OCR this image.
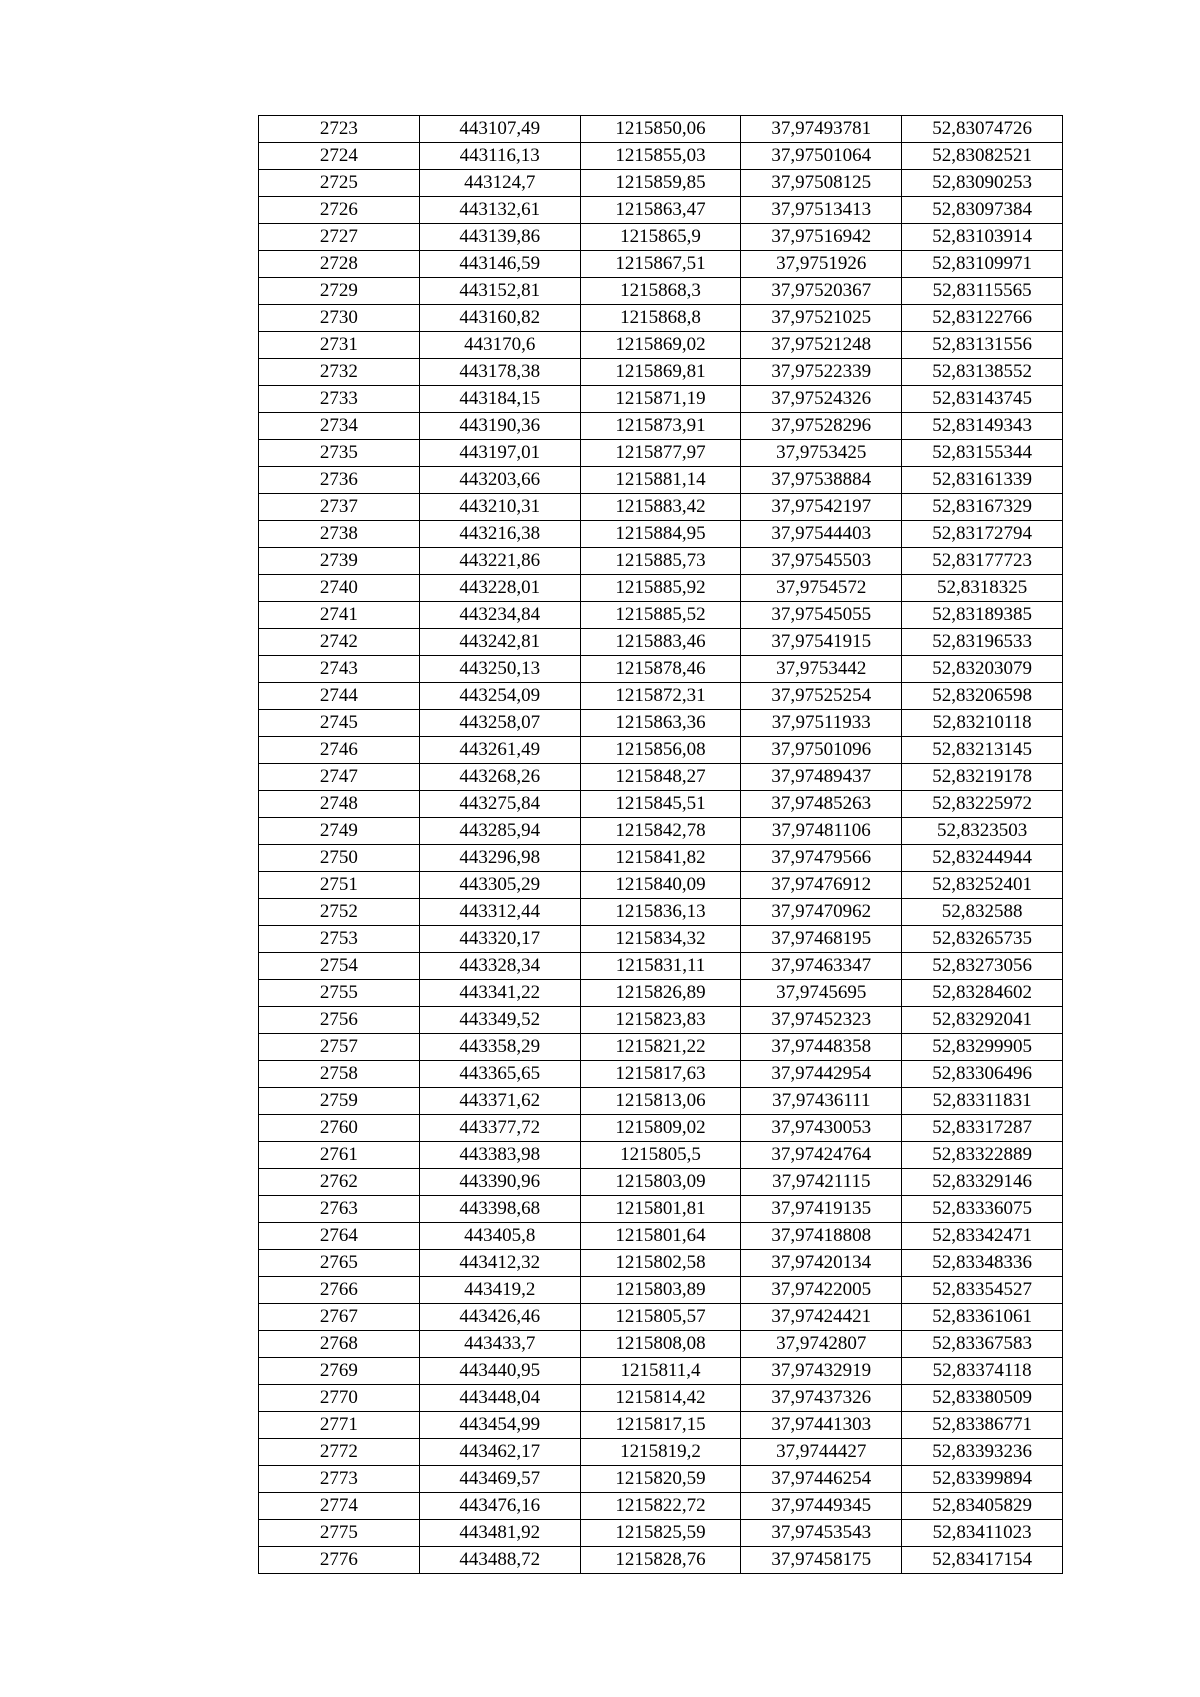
2723	443107,49	1215850,06	37,97493781	52,83074726
2724	443116,13	1215855,03	37,97501064	52,83082521
2725	443124,7	1215859,85	37,97508125	52,83090253
2726	443132,61	1215863,47	37,97513413	52,83097384
2727	443139,86	1215865,9	37,97516942	52,83103914
2728	443146,59	1215867,51	37,9751926	52,83109971
2729	443152,81	1215868,3	37,97520367	52,83115565
2730	443160,82	1215868,8	37,97521025	52,83122766
2731	443170,6	1215869,02	37,97521248	52,83131556
2732	443178,38	1215869,81	37,97522339	52,83138552
2733	443184,15	1215871,19	37,97524326	52,83143745
2734	443190,36	1215873,91	37,97528296	52,83149343
2735	443197,01	1215877,97	37,9753425	52,83155344
2736	443203,66	1215881,14	37,97538884	52,83161339
2737	443210,31	1215883,42	37,97542197	52,83167329
2738	443216,38	1215884,95	37,97544403	52,83172794
2739	443221,86	1215885,73	37,97545503	52,83177723
2740	443228,01	1215885,92	37,9754572	52,8318325
2741	443234,84	1215885,52	37,97545055	52,83189385
2742	443242,81	1215883,46	37,97541915	52,83196533
2743	443250,13	1215878,46	37,9753442	52,83203079
2744	443254,09	1215872,31	37,97525254	52,83206598
2745	443258,07	1215863,36	37,97511933	52,83210118
2746	443261,49	1215856,08	37,97501096	52,83213145
2747	443268,26	1215848,27	37,97489437	52,83219178
2748	443275,84	1215845,51	37,97485263	52,83225972
2749	443285,94	1215842,78	37,97481106	52,8323503
2750	443296,98	1215841,82	37,97479566	52,83244944
2751	443305,29	1215840,09	37,97476912	52,83252401
2752	443312,44	1215836,13	37,97470962	52,832588
2753	443320,17	1215834,32	37,97468195	52,83265735
2754	443328,34	1215831,11	37,97463347	52,83273056
2755	443341,22	1215826,89	37,9745695	52,83284602
2756	443349,52	1215823,83	37,97452323	52,83292041
2757	443358,29	1215821,22	37,97448358	52,83299905
2758	443365,65	1215817,63	37,97442954	52,83306496
2759	443371,62	1215813,06	37,97436111	52,83311831
2760	443377,72	1215809,02	37,97430053	52,83317287
2761	443383,98	1215805,5	37,97424764	52,83322889
2762	443390,96	1215803,09	37,97421115	52,83329146
2763	443398,68	1215801,81	37,97419135	52,83336075
2764	443405,8	1215801,64	37,97418808	52,83342471
2765	443412,32	1215802,58	37,97420134	52,83348336
2766	443419,2	1215803,89	37,97422005	52,83354527
2767	443426,46	1215805,57	37,97424421	52,83361061
2768	443433,7	1215808,08	37,9742807	52,83367583
2769	443440,95	1215811,4	37,97432919	52,83374118
2770	443448,04	1215814,42	37,97437326	52,83380509
2771	443454,99	1215817,15	37,97441303	52,83386771
2772	443462,17	1215819,2	37,9744427	52,83393236
2773	443469,57	1215820,59	37,97446254	52,83399894
2774	443476,16	1215822,72	37,97449345	52,83405829
2775	443481,92	1215825,59	37,97453543	52,83411023
2776	443488,72	1215828,76	37,97458175	52,83417154
